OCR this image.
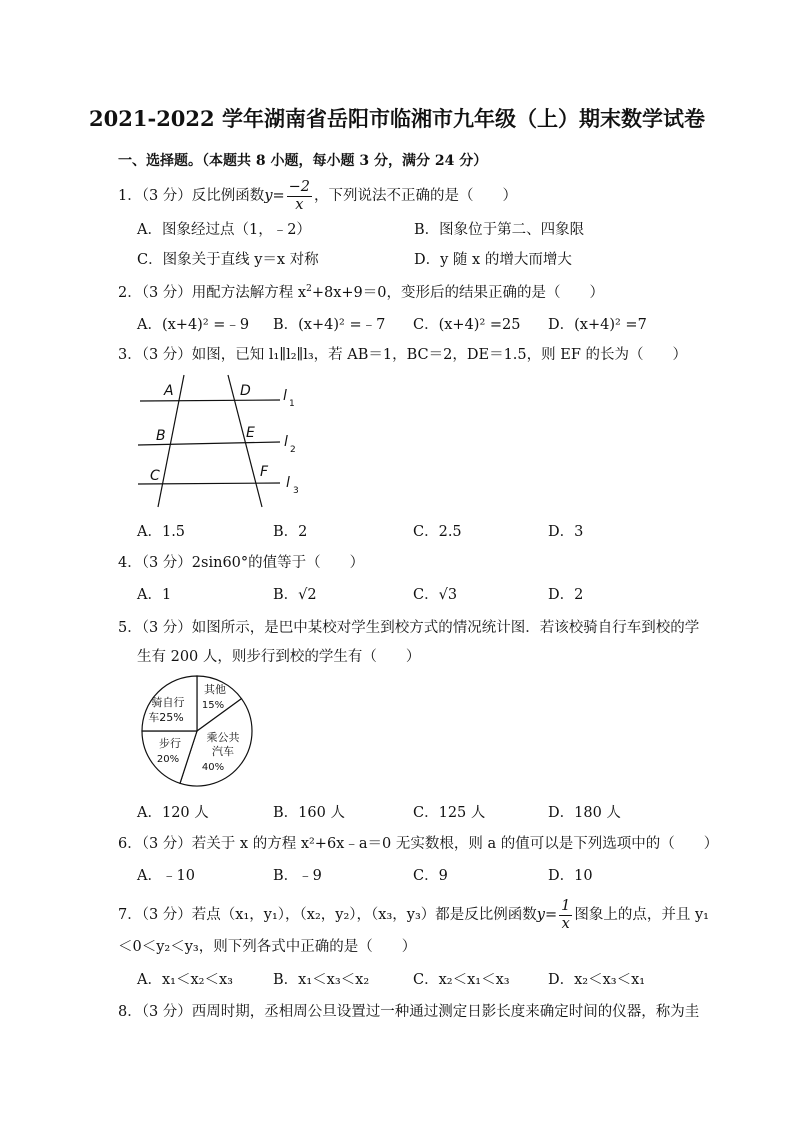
2021-2022 学年湖南省岳阳市临湘市九年级（上）期末数学试卷
一、选择题。（本题共 8 小题，每小题 3 分，满分 24 分）
1．（3 分）反比例函数$y= \frac{-2}{x}$ ，下列说法不正确的是（　　）
A．图象经过点（1，﹣2）	B．图象位于第二、四象限
C．图象关于直线 y＝x 对称	D．y 随 x 的增大而增大
2．（3 分）用配方法解方程 $x^2+8x+9=0$，变形后的结果正确的是（　　）
A．(x+4)² =﹣9 B．(x+4)² =﹣7 C．(x+4)² =25 D．(x+4)² =7
3．（3 分）如图，已知 l₁∥l₂∥l₃，若 AB＝1，BC＝2，DE＝1.5，则 EF 的长为（　　）
A	D
B	E
C	F
l
l
l
1
2
3
A．1.5	B．2	C．2.5	D．3
4．（3 分）2sin60°的值等于（　　）
A．1	B．√2	C．√3	D．2
5．（3 分）如图所示，是巴中某校对学生到校方式的情况统计图．若该校骑自行车到校的学
生有 200 人，则步行到校的学生有（　　）
骑自行
车25%
其他
15%
乘公共
汽车
40%
步行
20%
A．120 人	B．160 人	C．125 人	D．180 人
6．（3 分）若关于 x 的方程 x²+6x﹣a＝0 无实数根，则 a 的值可以是下列选项中的（　　）
A．﹣10	B．﹣9	C．9	D．10
7．（3 分）若点（x₁，y₁），（x₂，y₂），（x₃，y₃）都是反比例函数$y= \frac{1}{x}$ 图象上的点，并且 y₁
＜0＜y₂＜y₃，则下列各式中正确的是（　　）
A．x₁＜x₂＜x₃	B．x₁＜x₃＜x₂	C．x₂＜x₁＜x₃	D．x₂＜x₃＜x₁
8．（3 分）西周时期，丞相周公旦设置过一种通过测定日影长度来确定时间的仪器，称为圭
